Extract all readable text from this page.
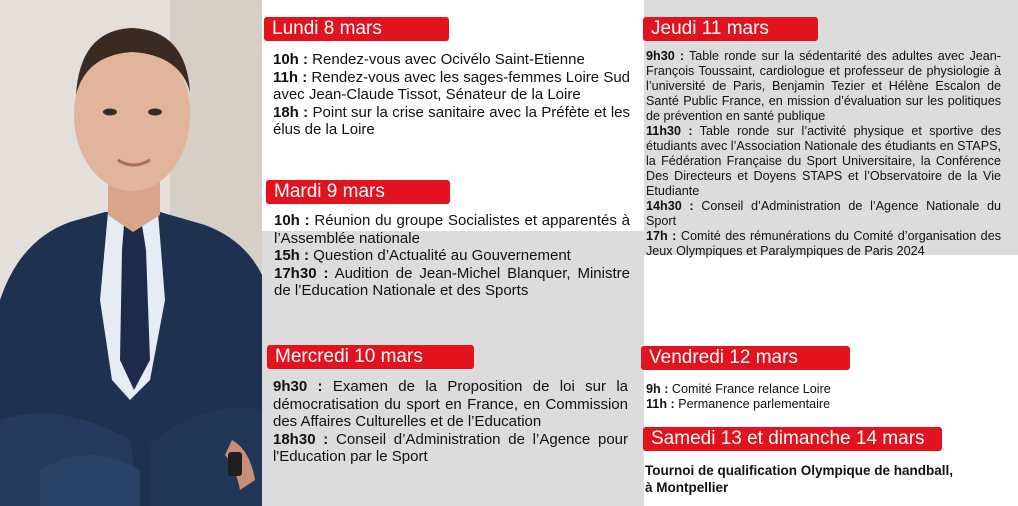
Lundi 8 mars

10h : Rendez-vous avec Ocivélo Saint-Etienne

11h : Rendez-vous avec les sages-femmes Loire Sud avec Jean-Claude Tissot, Sénateur de la Loire

18h : Point sur la crise sanitaire avec la Préfète et les élus de la Loire

Mardi 9 mars

10h : Réunion du groupe Socialistes et apparentés à l’Assemblée nationale

15h : Question d’Actualité au Gouvernement

17h30 : Audition de Jean-Michel Blanquer, Ministre de l’Education Nationale et des Sports

Mercredi 10 mars

9h30 : Examen de la Proposition de loi sur la démocratisation du sport en France, en Commission des Affaires Culturelles et de l’Education

18h30 : Conseil d’Administration de l’Agence pour l'Education par le Sport

Jeudi 11 mars

9h30 : Table ronde sur la sédentarité des adultes avec Jean-François Toussaint, cardiologue et professeur de physiologie à l’université de Paris, Benjamin Tezier et Hélène Escalon de Santé Public France, en mission d’évaluation sur les politiques de prévention en santé publique

11h30 : Table ronde sur l’activité physique et sportive des étudiants avec l’Association Nationale des étudiants en STAPS, la Fédération Française du Sport Universitaire, la Conférence Des Directeurs et Doyens STAPS et l’Observatoire de la Vie Etudiante

14h30 : Conseil d’Administration de l’Agence Nationale du Sport

17h : Comité des rémunérations du Comité d’organisation des Jeux Olympiques et Paralympiques de Paris 2024

Vendredi 12 mars

9h : Comité France relance Loire

11h : Permanence parlementaire

Samedi 13 et dimanche 14 mars
Tournoi de qualification Olympique de handball,
à Montpellier
